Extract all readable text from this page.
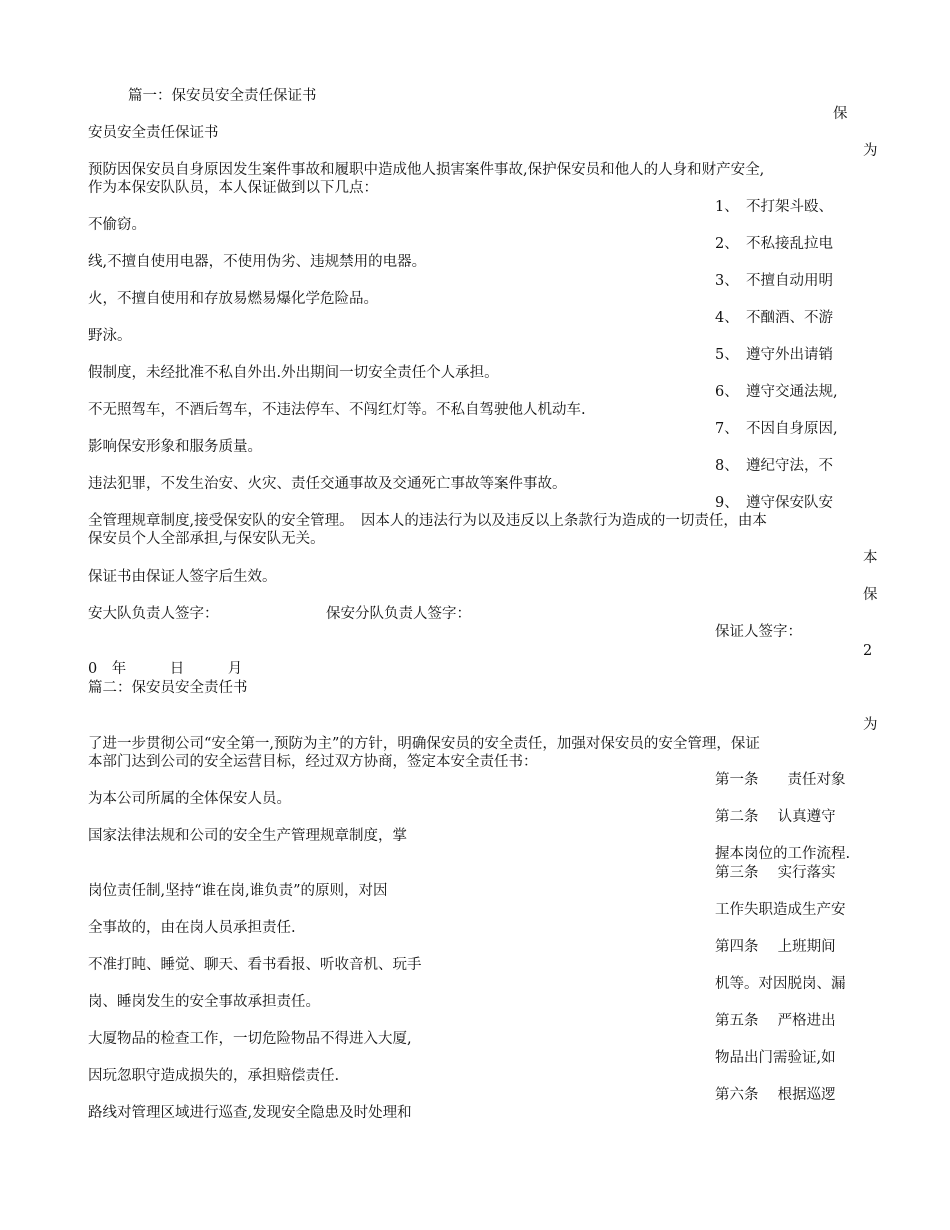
篇一：保安员安全责任保证书
保
安员安全责任保证书
为
预防因保安员自身原因发生案件事故和履职中造成他人损害案件事故,保护保安员和他人的人身和财产安全,
作为本保安队队员，本人保证做到以下几点：
1、　不打架斗殴、
不偷窃。
2、　不私接乱拉电
线,不擅自使用电器，不使用伪劣、违规禁用的电器。
3、　不擅自动用明
火，不擅自使用和存放易燃易爆化学危险品。
4、　不酗酒、不游
野泳。
5、　遵守外出请销
假制度，未经批准不私自外出.外出期间一切安全责任个人承担。
6、　遵守交通法规,
不无照驾车，不酒后驾车，不违法停车、不闯红灯等。不私自驾驶他人机动车.
7、　不因自身原因,
影响保安形象和服务质量。
8、　遵纪守法，不
违法犯罪，不发生治安、火灾、责任交通事故及交通死亡事故等案件事故。
9、　遵守保安队安
全管理规章制度,接受保安队的安全管理。　因本人的违法行为以及违反以上条款行为造成的一切责任，由本
保安员个人全部承担,与保安队无关。
本
保证书由保证人签字后生效。
保
安大队负责人签字：	保安分队负责人签字：
保证人签字：
2
0　年　　　日　　　月
篇二：保安员安全责任书
为
了进一步贯彻公司“安全第一,预防为主”的方针，明确保安员的安全责任，加强对保安员的安全管理，保证
本部门达到公司的安全运营目标，经过双方协商，签定本安全责任书：
第一条　　责任对象
为本公司所属的全体保安人员。
第二条　 认真遵守
国家法律法规和公司的安全生产管理规章制度，掌
握本岗位的工作流程.
第三条　 实行落实
岗位责任制,坚持“谁在岗,谁负责”的原则，对因
工作失职造成生产安
全事故的，由在岗人员承担责任.
第四条　 上班期间
不准打盹、睡觉、聊天、看书看报、听收音机、玩手
机等。对因脱岗、漏
岗、睡岗发生的安全事故承担责任。
第五条　 严格进出
大厦物品的检查工作，一切危险物品不得进入大厦,
物品出门需验证,如
因玩忽职守造成损失的，承担赔偿责任.
第六条　 根据巡逻
路线对管理区域进行巡查,发现安全隐患及时处理和
